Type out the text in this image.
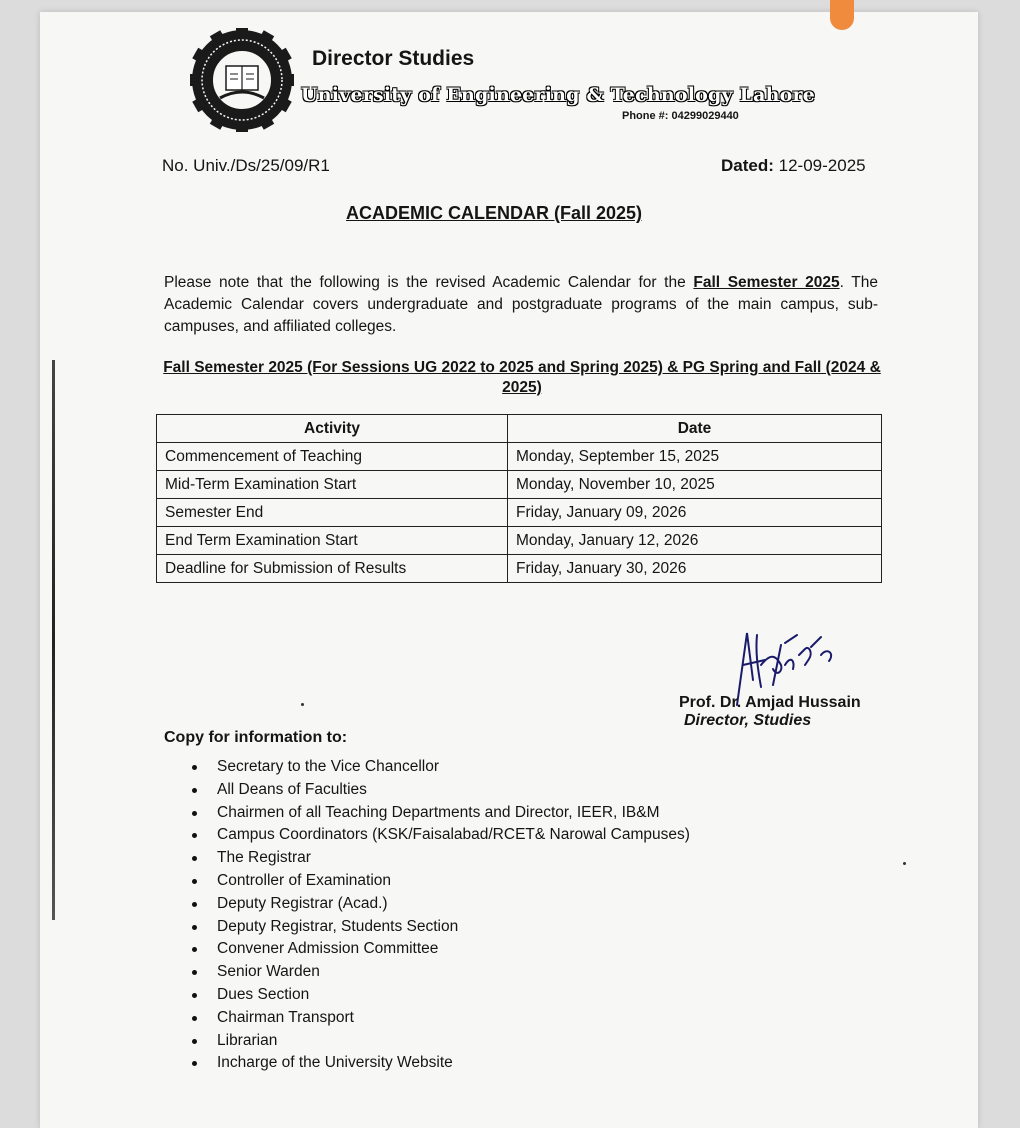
Director Studies
University of Engineering & Technology Lahore
Phone #: 04299029440
No. Univ./Ds/25/09/R1	Dated: 12-09-2025
ACADEMIC CALENDAR (Fall 2025)
Please note that the following is the revised Academic Calendar for the Fall Semester 2025. The Academic Calendar covers undergraduate and postgraduate programs of the main campus, sub-campuses, and affiliated colleges.
Fall Semester 2025 (For Sessions UG 2022 to 2025 and Spring 2025) & PG Spring and Fall (2024 & 2025)
Activity	Date
Commencement of Teaching	Monday, September 15, 2025
Mid-Term Examination Start	Monday, November 10, 2025
Semester End	Friday, January 09, 2026
End Term Examination Start	Monday, January 12, 2026
Deadline for Submission of Results	Friday, January 30, 2026
Prof. Dr. Amjad Hussain
Director, Studies
Copy for information to:
Secretary to the Vice Chancellor
All Deans of Faculties
Chairmen of all Teaching Departments and Director, IEER, IB&M
Campus Coordinators (KSK/Faisalabad/RCET& Narowal Campuses)
The Registrar
Controller of Examination
Deputy Registrar (Acad.)
Deputy Registrar, Students Section
Convener Admission Committee
Senior Warden
Dues Section
Chairman Transport
Librarian
Incharge of the University Website
